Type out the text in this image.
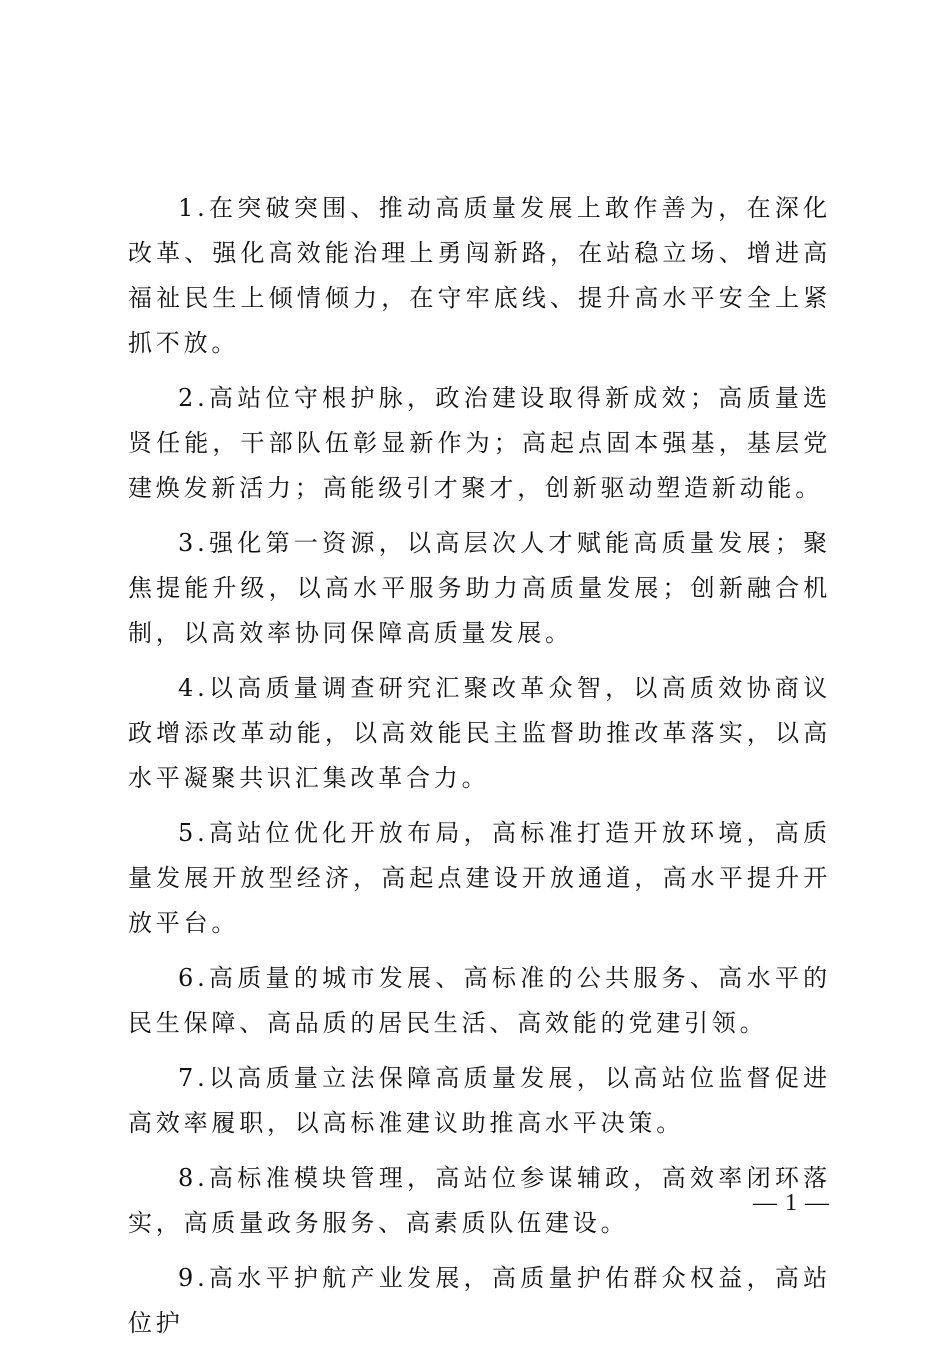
1.在突破突围、推动高质量发展上敢作善为，在深化改革、强化高效能治理上勇闯新路，在站稳立场、增进高福祉民生上倾情倾力，在守牢底线、提升高水平安全上紧抓不放。

2.高站位守根护脉，政治建设取得新成效；高质量选贤任能，干部队伍彰显新作为；高起点固本强基，基层党建焕发新活力；高能级引才聚才，创新驱动塑造新动能。

3.强化第一资源，以高层次人才赋能高质量发展；聚焦提能升级，以高水平服务助力高质量发展；创新融合机制，以高效率协同保障高质量发展。

4.以高质量调查研究汇聚改革众智，以高质效协商议政增添改革动能，以高效能民主监督助推改革落实，以高水平凝聚共识汇集改革合力。

5.高站位优化开放布局，高标准打造开放环境，高质量发展开放型经济，高起点建设开放通道，高水平提升开放平台。

6.高质量的城市发展、高标准的公共服务、高水平的民生保障、高品质的居民生活、高效能的党建引领。

7.以高质量立法保障高质量发展，以高站位监督促进高效率履职，以高标准建议助推高水平决策。

8.高标准模块管理，高站位参谋辅政，高效率闭环落实，高质量政务服务、高素质队伍建设。

9.高水平护航产业发展，高质量护佑群众权益，高站位护

— 1 —
